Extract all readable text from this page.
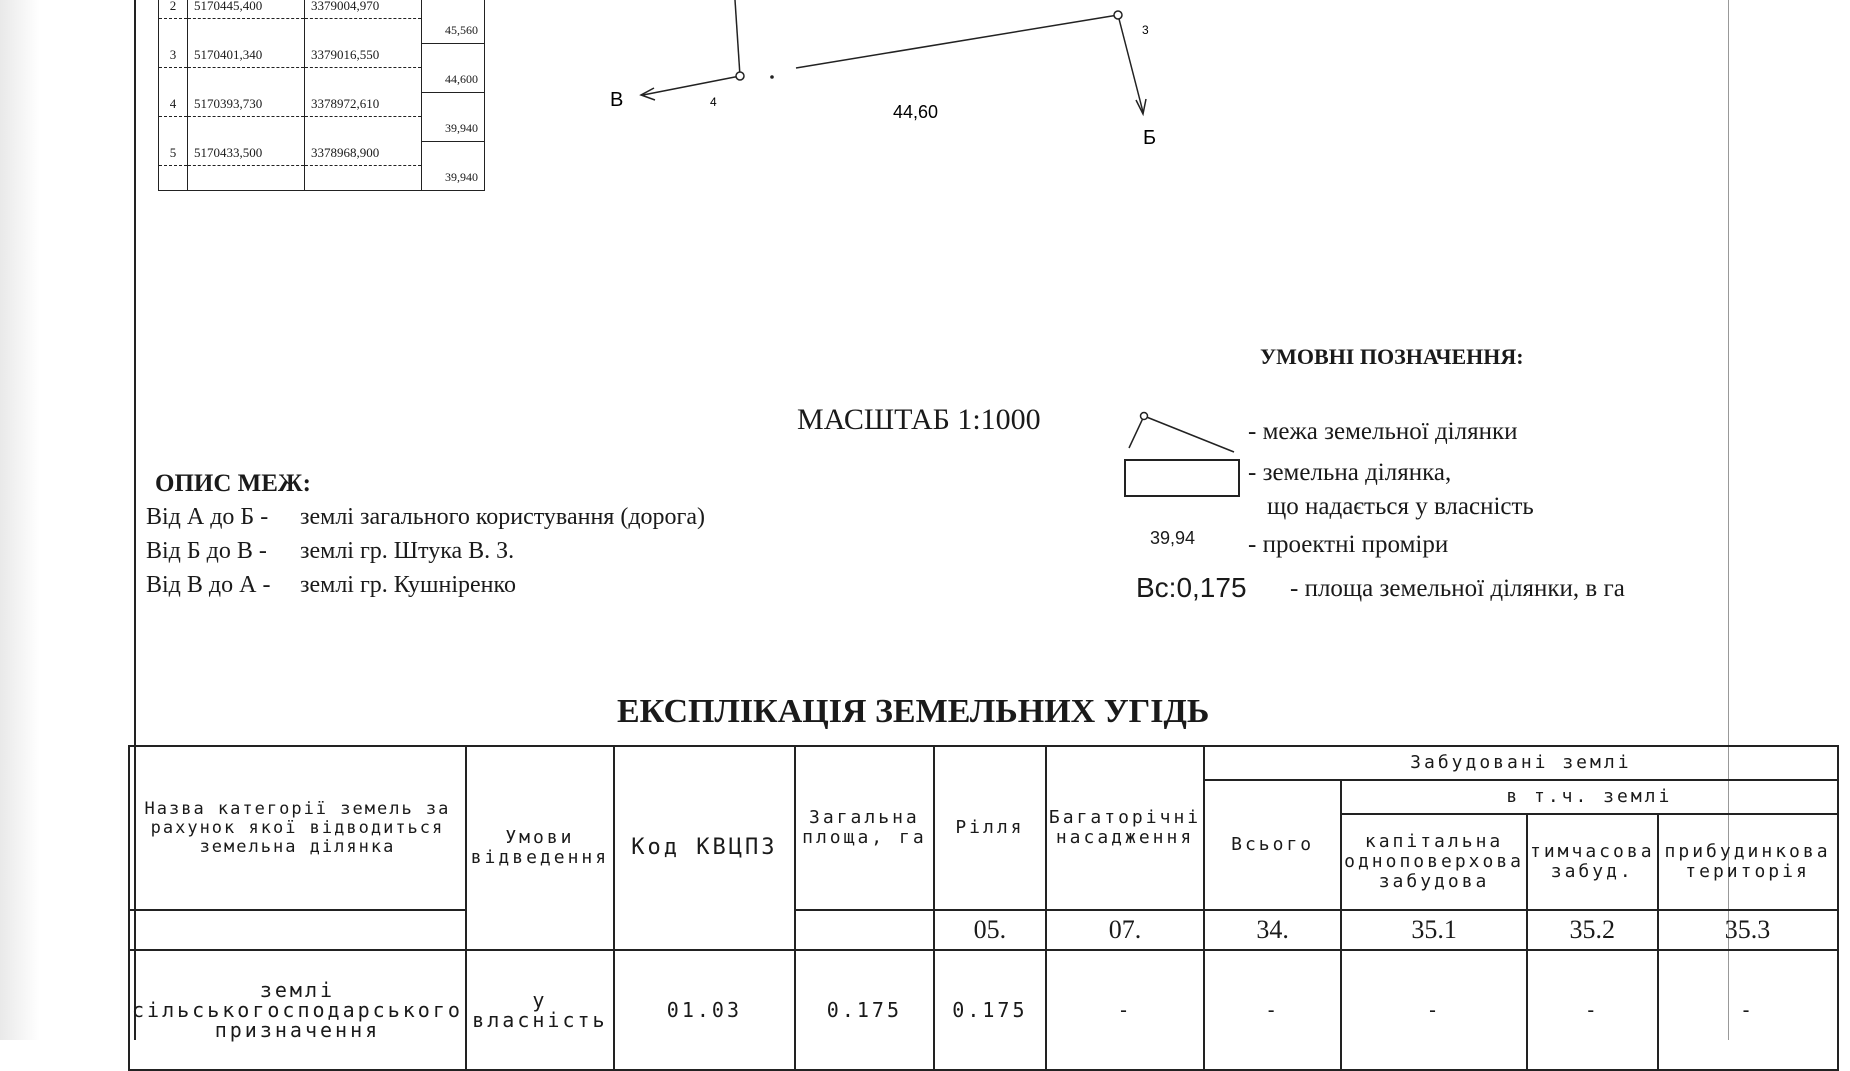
2	5170445,400	3379004,970	
			45,560
3	5170401,340	3379016,550	
			44,600
4	5170393,730	3378972,610	
			39,940
5	5170433,500	3378968,900	
			39,940
3
4
В
Б
44,60
УМОВНІ ПОЗНАЧЕННЯ:
МАСШТАБ 1:1000	- межа земельної ділянки
- земельна ділянка,
що надається у власність
39,94 - проектні проміри
Вс:0,175 - площа земельної ділянки, в га
ОПИС МЕЖ:
Від А до Б - землі загального користування (дорога)
Від Б до В - землі гр. Штука В. З.
Від В до А - землі гр. Кушніренко
ЕКСПЛІКАЦІЯ ЗЕМЕЛЬНИХ УГІДЬ
Назва категорії земель за рахунок якої відводиться земельна ділянка	Умови відведення	Код КВЦПЗ	Загальна площа, га	Рілля	Багаторічні насадження	Забудовані землі			
						Всього	в т.ч. землі		
							капітальна одноповерхова забудова	тимчасова забуд.	прибудинкова територія
				05.	07.	34.	35.1	35.2	35.3
землі сільськогосподарського призначення	у власність	01.03	0.175	0.175	-	-	-	-	-
